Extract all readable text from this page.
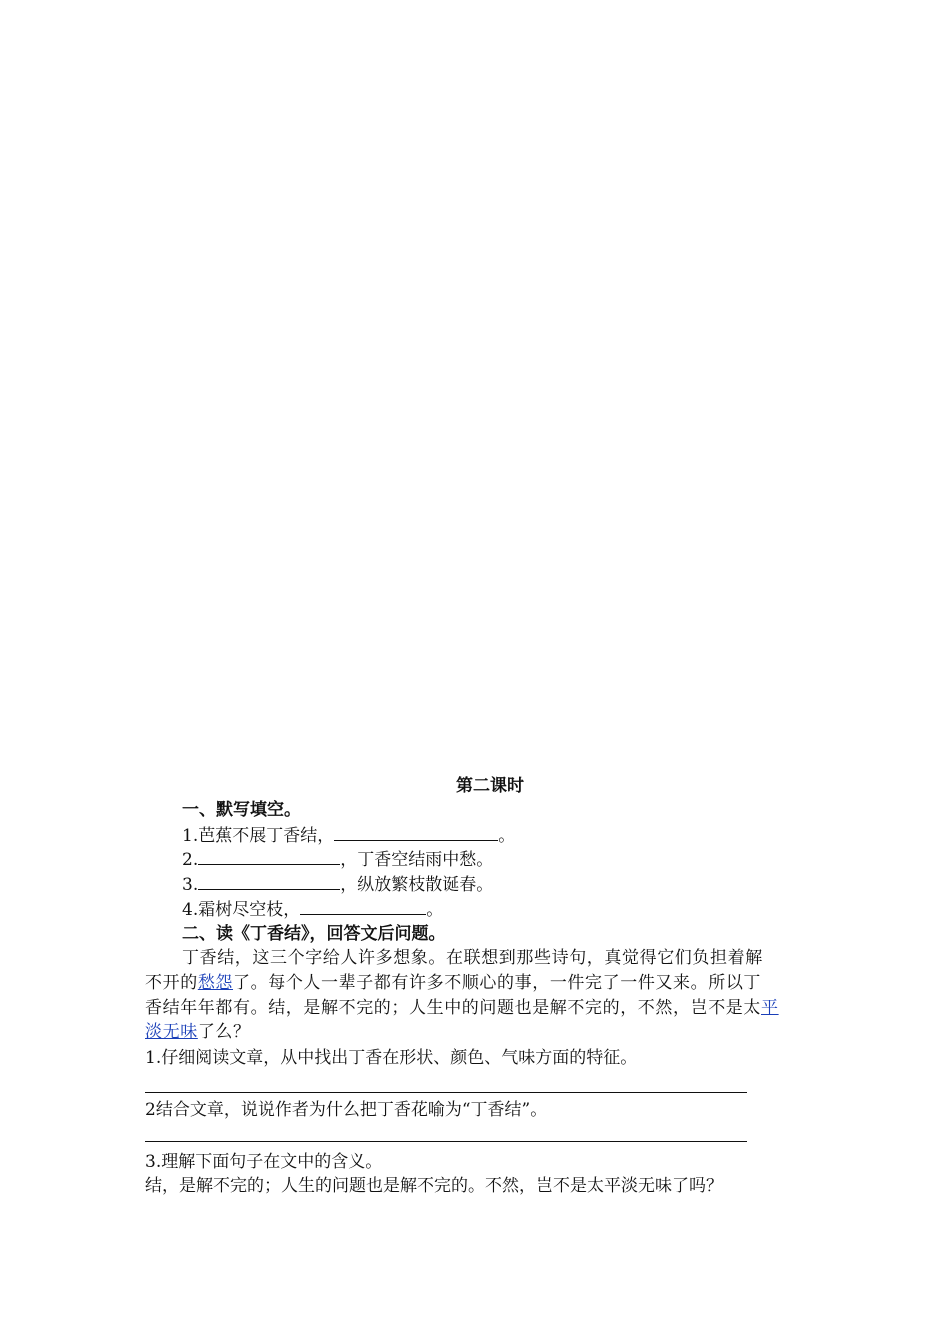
第二课时
一、默写填空。
1.芭蕉不展丁香结，	。
2.	，丁香空结雨中愁。
3.	，纵放繁枝散诞春。
4.霜树尽空枝，	。
二、读《丁香结》，回答文后问题。
丁香结，这三个字给人许多想象。在联想到那些诗句，真觉得它们负担着解
不开的愁怨了。每个人一辈子都有许多不顺心的事，一件完了一件又来。所以丁
香结年年都有。结，是解不完的；人生中的问题也是解不完的，不然，岂不是太平
淡无味了么？
1.仔细阅读文章，从中找出丁香在形状、颜色、气味方面的特征。
2结合文章，说说作者为什么把丁香花喻为“丁香结”。
3.理解下面句子在文中的含义。
结，是解不完的；人生的问题也是解不完的。不然，岂不是太平淡无味了吗？
